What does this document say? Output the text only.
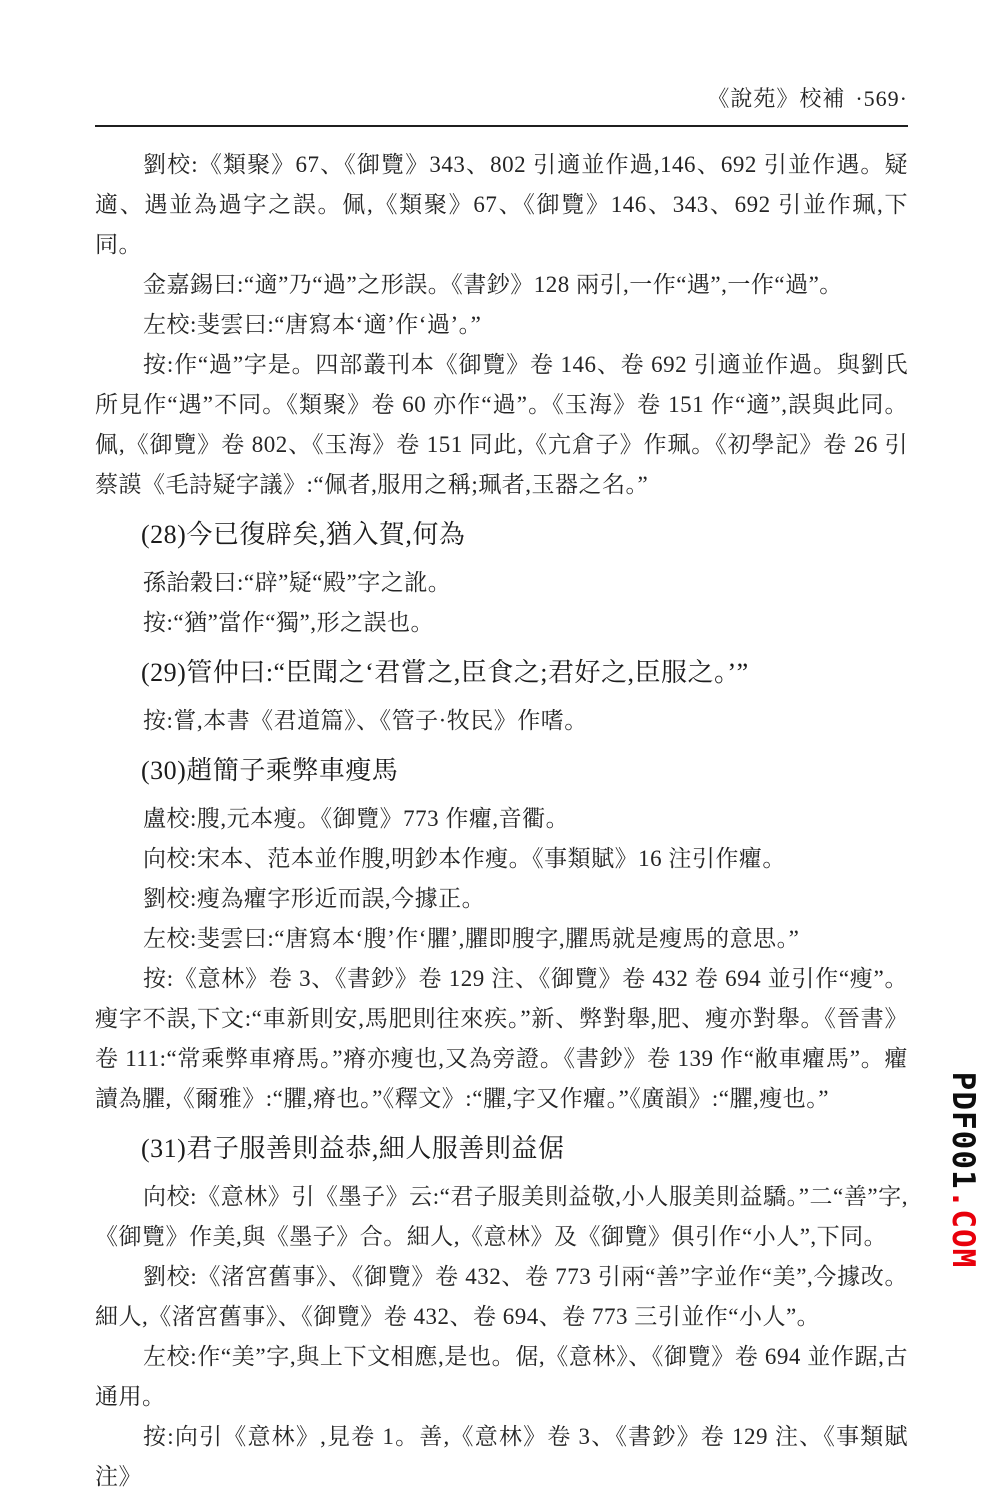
《說苑》校補 ·569·

劉校:《類聚》67、《御覽》343、802 引適並作過,146、692 引並作遇。疑適、遇並為過字之誤。佩,《類聚》67、《御覽》146、343、692 引並作珮,下同。

金嘉錫曰:“適”乃“過”之形誤。《書鈔》128 兩引,一作“遇”,一作“過”。

左校:斐雲曰:“唐寫本‘適’作‘過’。”

按:作“過”字是。四部叢刊本《御覽》卷 146、卷 692 引適並作過。與劉氏所見作“遇”不同。《類聚》卷 60 亦作“過”。《玉海》卷 151 作“適”,誤與此同。佩,《御覽》卷 802、《玉海》卷 151 同此,《亢倉子》作珮。《初學記》卷 26 引蔡謨《毛詩疑字議》:“佩者,服用之稱;珮者,玉器之名。”

(28)今已復辟矣,猶入賀,何為

孫詒穀曰:“辟”疑“殿”字之訛。

按:“猶”當作“獨”,形之誤也。

(29)管仲曰:“臣聞之‘君嘗之,臣食之;君好之,臣服之。’”

按:嘗,本書《君道篇》、《管子·牧民》作嗜。

(30)趙簡子乘弊車瘦馬

盧校:膄,元本瘦。《御覽》773 作癯,音衢。

向校:宋本、范本並作膄,明鈔本作瘦。《事類賦》16 注引作癯。

劉校:瘦為癯字形近而誤,今據正。

左校:斐雲曰:“唐寫本‘膄’作‘臞’,臞即膄字,臞馬就是瘦馬的意思。”

按:《意林》卷 3、《書鈔》卷 129 注、《御覽》卷 432 卷 694 並引作“瘦”。瘦字不誤,下文:“車新則安,馬肥則往來疾。”新、弊對舉,肥、瘦亦對舉。《晉書》卷 111:“常乘弊車瘠馬。”瘠亦瘦也,又為旁證。《書鈔》卷 139 作“敝車癯馬”。癯讀為臞,《爾雅》:“臞,瘠也。”《釋文》:“臞,字又作癯。”《廣韻》:“臞,瘦也。”

(31)君子服善則益恭,細人服善則益倨

向校:《意林》引《墨子》云:“君子服美則益敬,小人服美則益驕。”二“善”字,《御覽》作美,與《墨子》合。細人,《意林》及《御覽》俱引作“小人”,下同。

劉校:《渚宮舊事》、《御覽》卷 432、卷 773 引兩“善”字並作“美”,今據改。細人,《渚宮舊事》、《御覽》卷 432、卷 694、卷 773 三引並作“小人”。

左校:作“美”字,與上下文相應,是也。倨,《意林》、《御覽》卷 694 並作踞,古通用。

按:向引《意林》,見卷 1。善,《意林》卷 3、《書鈔》卷 129 注、《事類賦注》

PDF001.COM
